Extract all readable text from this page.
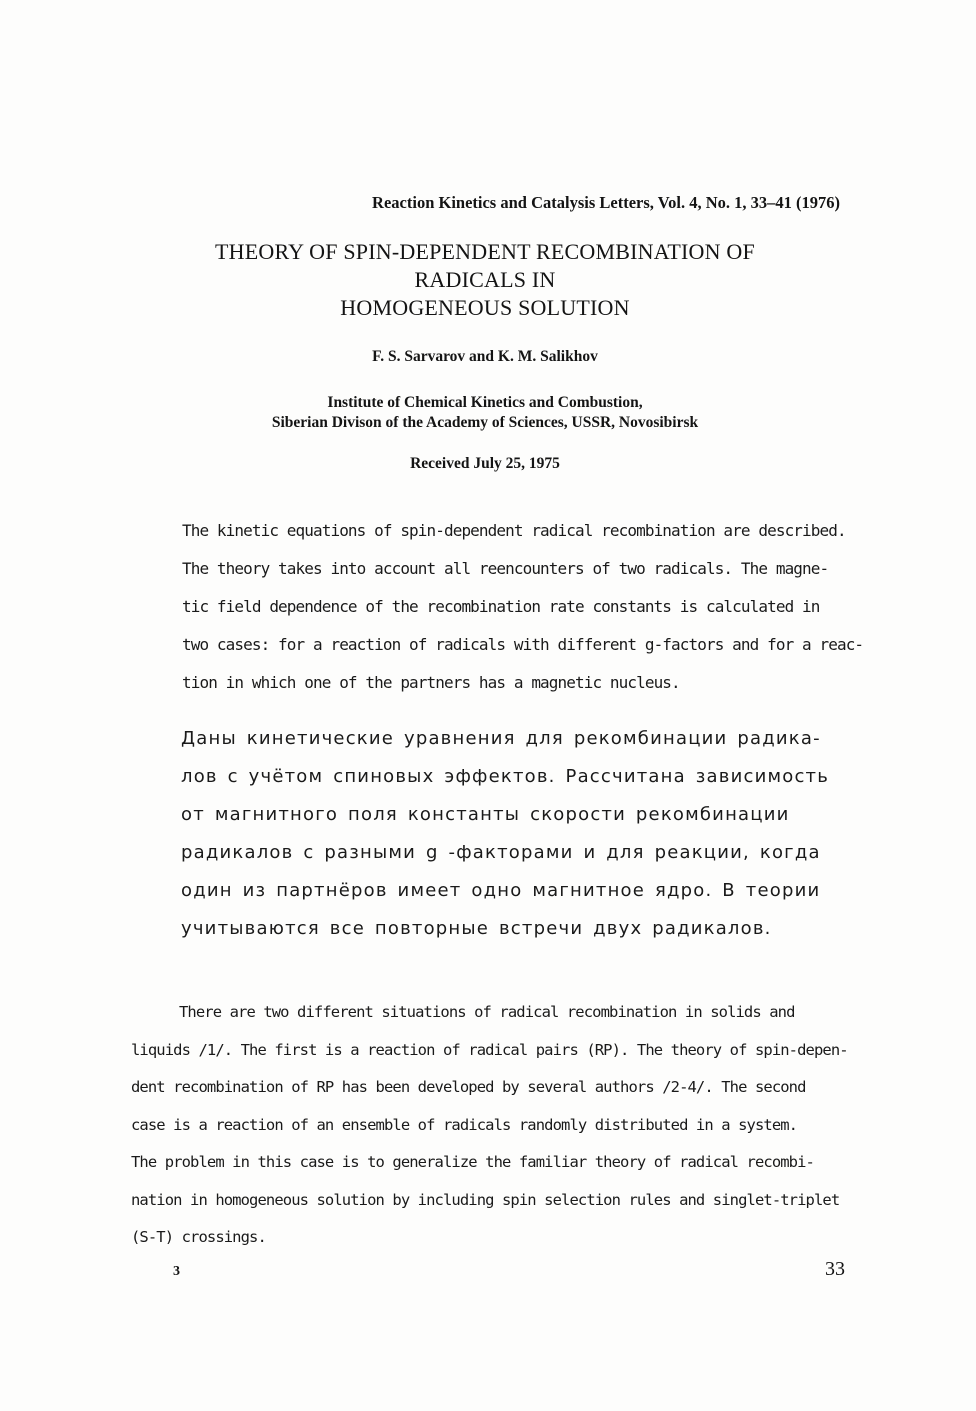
Reaction Kinetics and Catalysis Letters, Vol. 4, No. 1, 33–41 (1976)
THEORY OF SPIN-DEPENDENT RECOMBINATION OF
RADICALS IN
HOMOGENEOUS SOLUTION
F. S. Sarvarov and K. M. Salikhov
Institute of Chemical Kinetics and Combustion,
Siberian Divison of the Academy of Sciences, USSR, Novosibirsk
Received July 25, 1975
The kinetic equations of spin-dependent radical recombination are described.
The theory takes into account all reencounters of two radicals. The magne-
tic field dependence of the recombination rate constants is calculated in
two cases: for a reaction of radicals with different g-factors and for a reac-
tion in which one of the partners has a magnetic nucleus.
Даны кинетические уравнения для рекомбинации радика-
лов с учётом спиновых эффектов. Рассчитана зависимость
от магнитного поля константы скорости рекомбинации
радикалов с разными g -факторами и для реакции, когда
один из партнёров имеет одно магнитное ядро. В теории
учитываются все повторные встречи двух радикалов.
There are two different situations of radical recombination in solids and
liquids /1/. The first is a reaction of radical pairs (RP). The theory of spin-depen-
dent recombination of RP has been developed by several authors /2-4/. The second
case is a reaction of an ensemble of radicals randomly distributed in a system.
The problem in this case is to generalize the familiar theory of radical recombi-
nation in homogeneous solution by including spin selection rules and singlet-triplet
(S-T) crossings.
3	33
